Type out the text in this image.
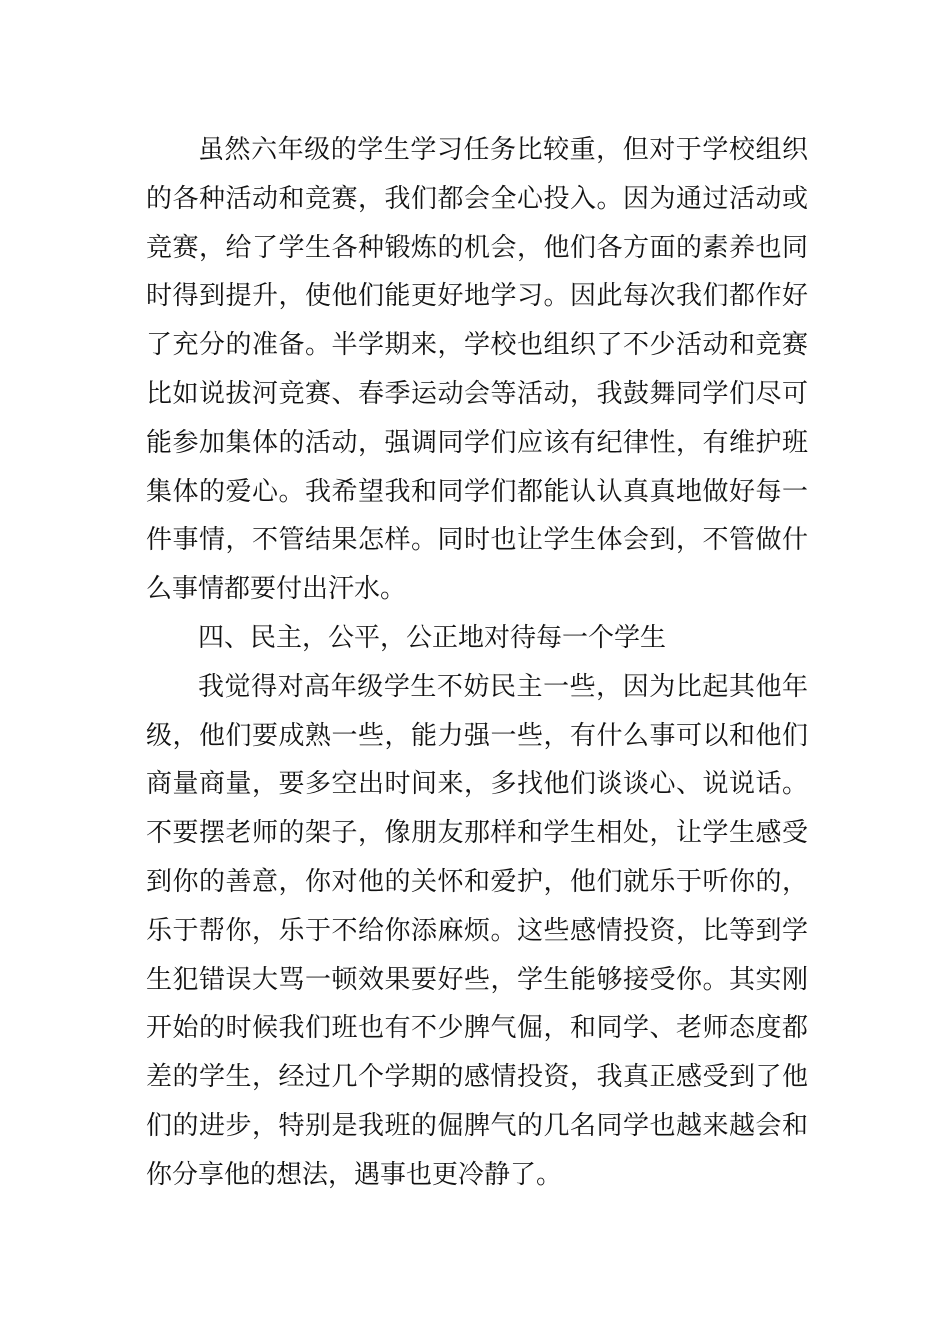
虽然六年级的学生学习任务比较重，但对于学校组织的各种活动和竞赛，我们都会全心投入。因为通过活动或竞赛，给了学生各种锻炼的机会，他们各方面的素养也同时得到提升，使他们能更好地学习。因此每次我们都作好了充分的准备。半学期来，学校也组织了不少活动和竞赛比如说拔河竞赛、春季运动会等活动，我鼓舞同学们尽可能参加集体的活动，强调同学们应该有纪律性，有维护班集体的爱心。我希望我和同学们都能认认真真地做好每一件事情，不管结果怎样。同时也让学生体会到，不管做什么事情都要付出汗水。

四、民主，公平，公正地对待每一个学生

我觉得对高年级学生不妨民主一些，因为比起其他年级，他们要成熟一些，能力强一些，有什么事可以和他们商量商量，要多空出时间来，多找他们谈谈心、说说话。不要摆老师的架子，像朋友那样和学生相处，让学生感受到你的善意，你对他的关怀和爱护，他们就乐于听你的，乐于帮你，乐于不给你添麻烦。这些感情投资，比等到学生犯错误大骂一顿效果要好些，学生能够接受你。其实刚开始的时候我们班也有不少脾气倔，和同学、老师态度都差的学生，经过几个学期的感情投资，我真正感受到了他们的进步，特别是我班的倔脾气的几名同学也越来越会和你分享他的想法，遇事也更冷静了。
